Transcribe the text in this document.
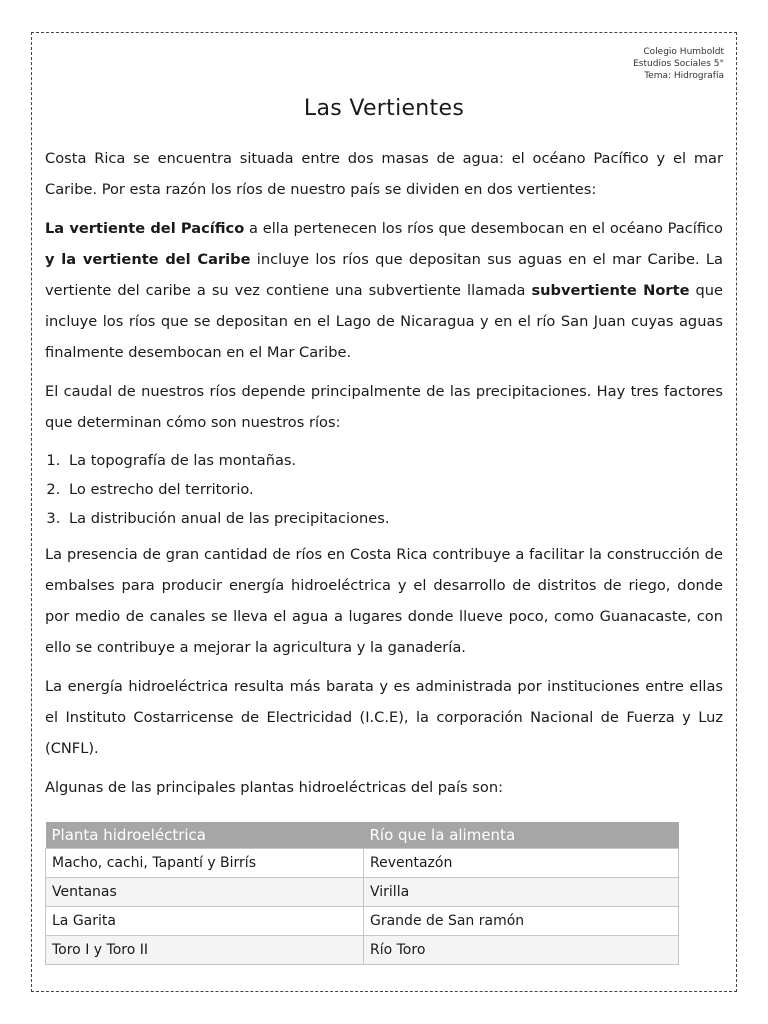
Colegio Humboldt
Estudios Sociales 5°
Tema: Hidrografía
Las Vertientes

Costa Rica se encuentra situada entre dos masas de agua: el océano Pacífico y el mar Caribe. Por esta razón los ríos de nuestro país se dividen en dos vertientes:

La vertiente del Pacífico a ella pertenecen los ríos que desembocan en el océano Pacífico y la vertiente del Caribe incluye los ríos que depositan sus aguas en el mar Caribe. La vertiente del caribe a su vez contiene una subvertiente llamada subvertiente Norte que incluye los ríos que se depositan en el Lago de Nicaragua y en el río San Juan cuyas aguas finalmente desembocan en el Mar Caribe.

El caudal de nuestros ríos depende principalmente de las precipitaciones. Hay tres factores que determinan cómo son nuestros ríos:

1. La topografía de las montañas.
2. Lo estrecho del territorio.
3. La distribución anual de las precipitaciones.

La presencia de gran cantidad de ríos en Costa Rica contribuye a facilitar la construcción de embalses para producir energía hidroeléctrica y el desarrollo de distritos de riego, donde por medio de canales se lleva el agua a lugares donde llueve poco, como Guanacaste, con ello se contribuye a mejorar la agricultura y la ganadería.

La energía hidroeléctrica resulta más barata y es administrada por instituciones entre ellas el Instituto Costarricense de Electricidad (I.C.E), la corporación Nacional de Fuerza y Luz (CNFL).

Algunas de las principales plantas hidroeléctricas del país son:

Planta hidroeléctrica	Río que la alimenta
Macho, cachi, Tapantí y Birrís	Reventazón
Ventanas	Virilla
La Garita	Grande de San ramón
Toro I y Toro II	Río Toro
